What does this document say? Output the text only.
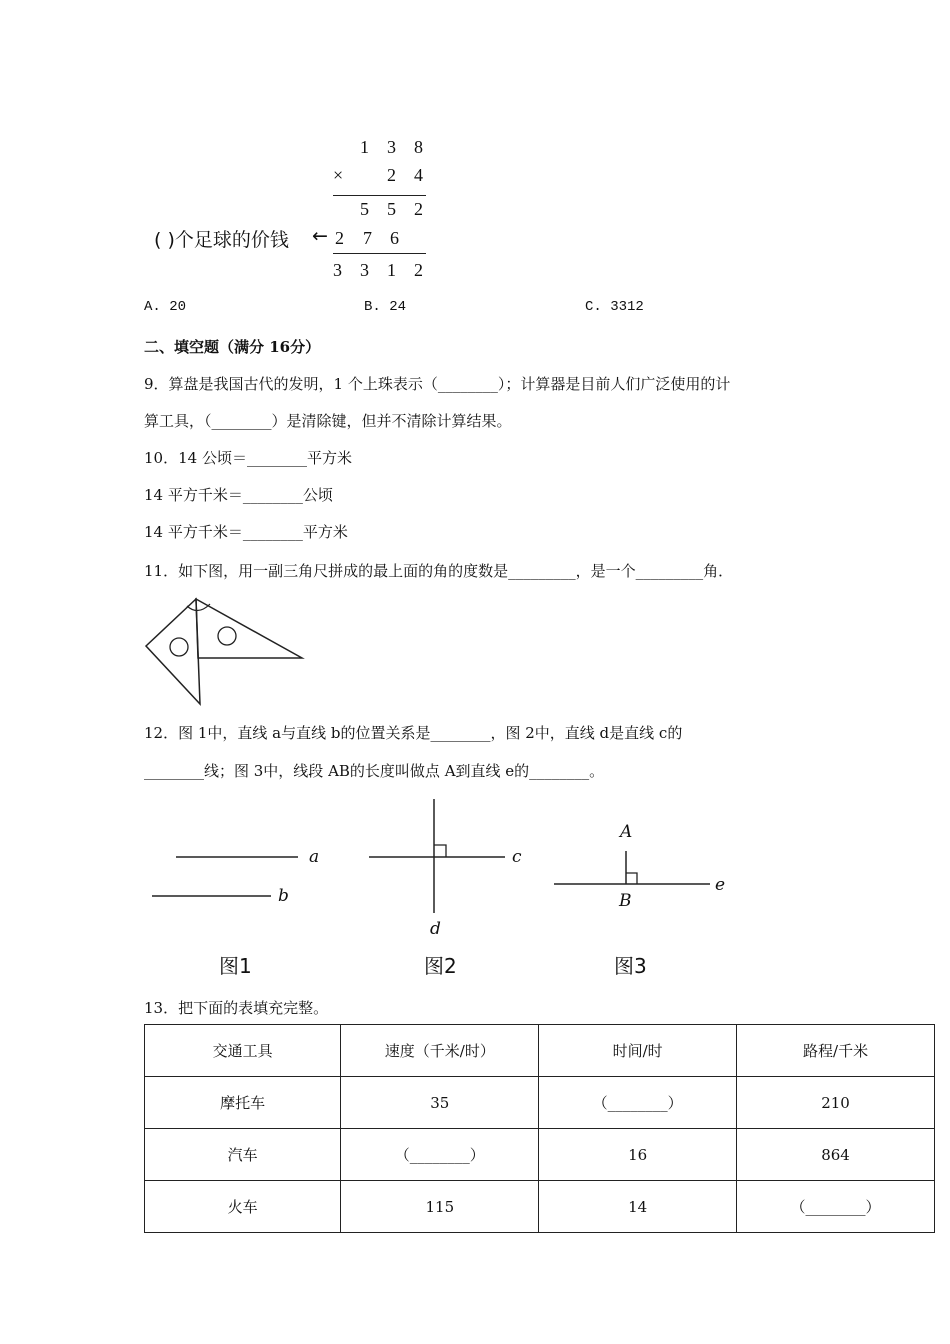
1 3 8
× 2 4
5 5 2
( )个足球的价钱 ← 2 7 6
3 3 1 2
A. 20	B. 24	C. 3312
二、填空题（满分 16分）
9．算盘是我国古代的发明，1 个上珠表示（________）；计算器是目前人们广泛使用的计
算工具，（________）是清除键，但并不清除计算结果。
10．14 公顷＝________平方米
14 平方千米＝________公顷
14 平方千米＝________平方米
11．如下图，用一副三角尺拼成的最上面的角的度数是_________，是一个_________角．
12．图 1中，直线 a与直线 b的位置关系是________，图 2中，直线 d是直线 c的
________线；图 3中，线段 AB的长度叫做点 A到直线 e的________。
a
b
c
d
A
B
e
图1	图2	图3
13．把下面的表填充完整。
交通工具	速度（千米/时）	时间/时	路程/千米
摩托车	35	（________）	210
汽车	（________）	16	864
火车	115	14	（________）
